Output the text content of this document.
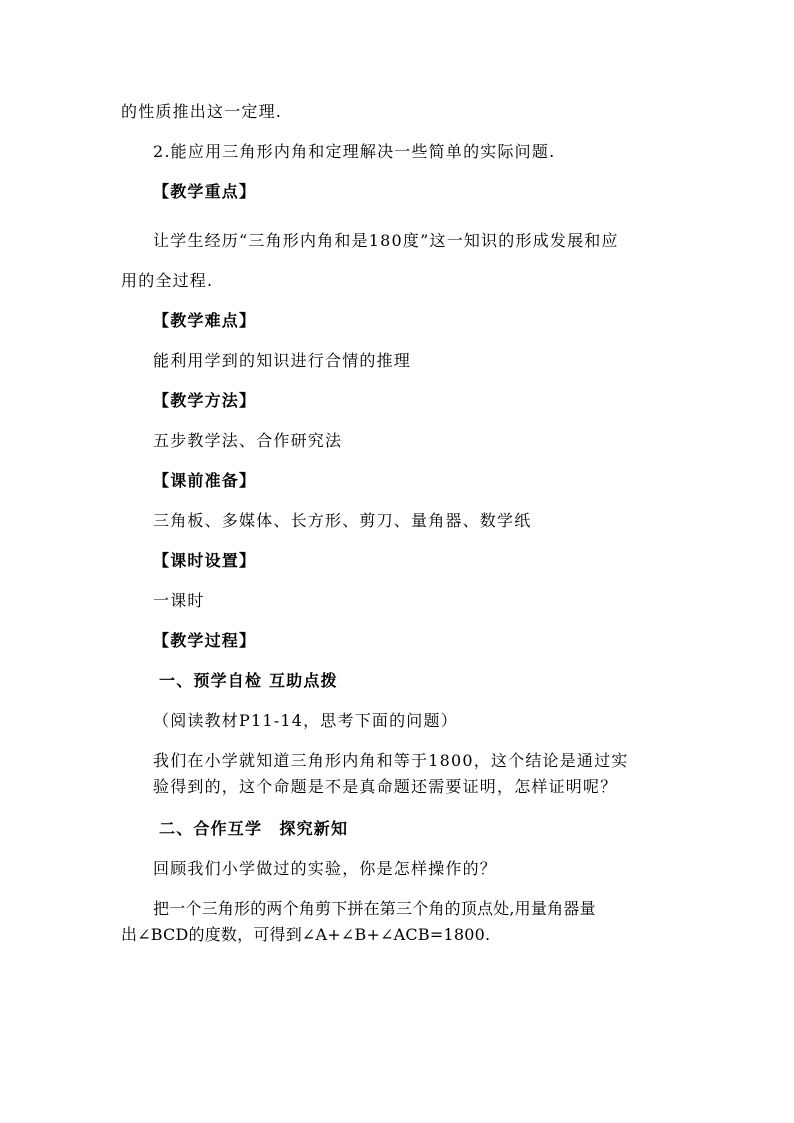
的性质推出这一定理.
2.能应用三角形内角和定理解决一些简单的实际问题.
【教学重点】
让学生经历“三角形内角和是180度”这一知识的形成发展和应
用的全过程.
【教学难点】
能利用学到的知识进行合情的推理
【教学方法】
五步教学法、合作研究法
【课前准备】
三角板、多媒体、长方形、剪刀、量角器、数学纸
【课时设置】
一课时
【教学过程】
一、预学自检 互助点拨
（阅读教材P11-14，思考下面的问题）
我们在小学就知道三角形内角和等于1800，这个结论是通过实
验得到的，这个命题是不是真命题还需要证明，怎样证明呢？
二、合作互学　探究新知
回顾我们小学做过的实验，你是怎样操作的？
把一个三角形的两个角剪下拼在第三个角的顶点处,用量角器量
出∠BCD的度数，可得到∠A+∠B+∠ACB=1800.
